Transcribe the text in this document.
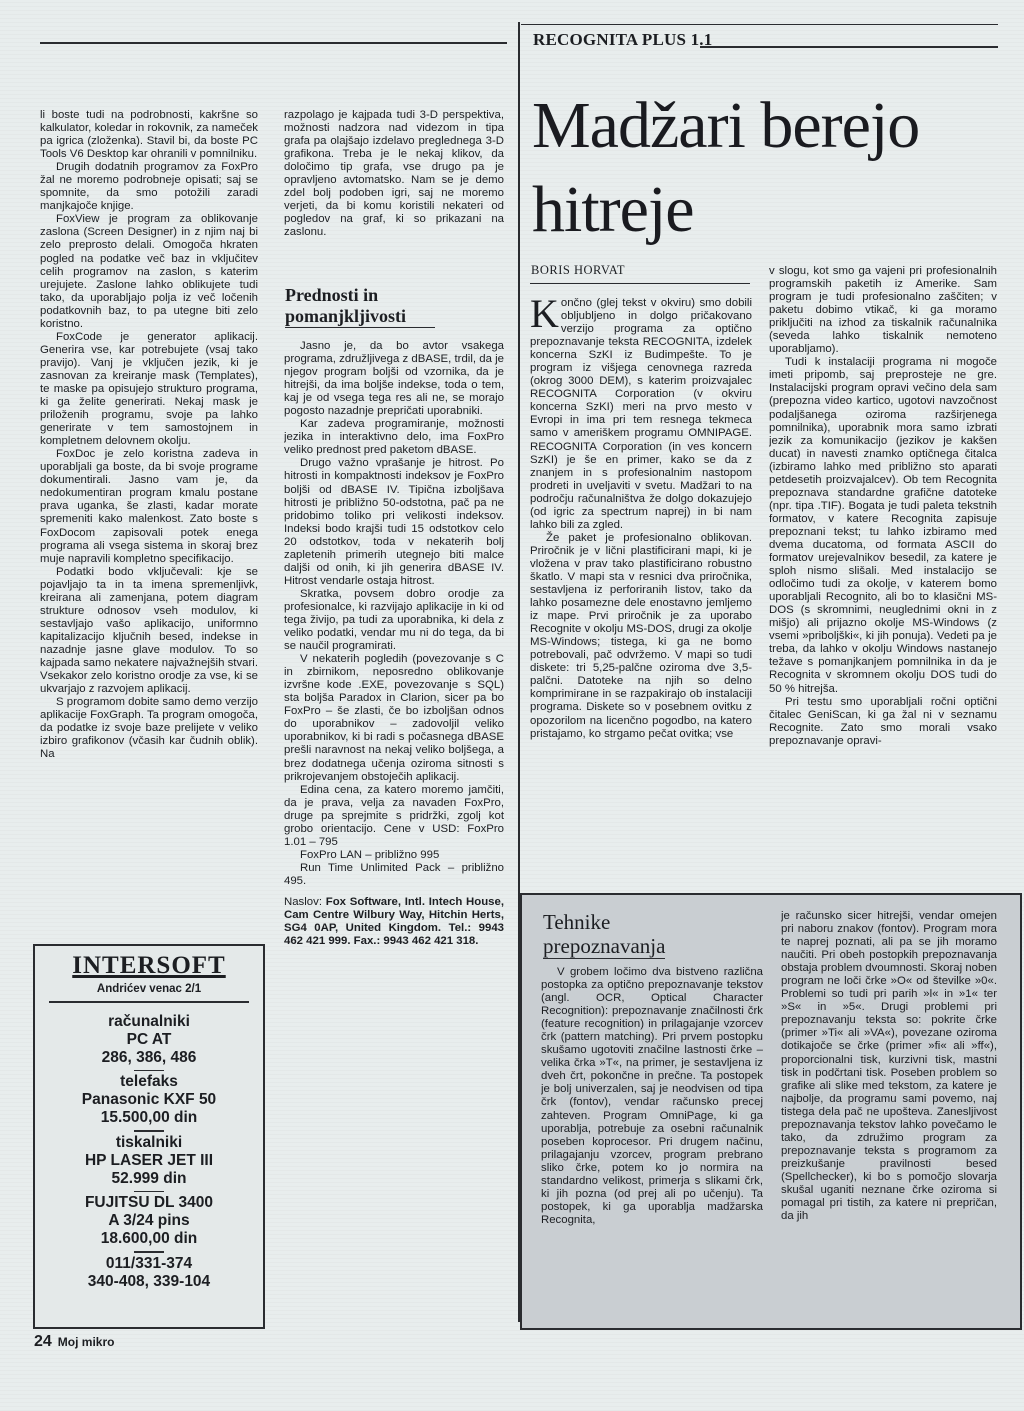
RECOGNITA PLUS 1.1
Madžari berejo
hitreje
BORIS HORVAT

li boste tudi na podrobnosti, kakršne so kalkulator, koledar in rokovnik, za nameček pa igrica (zloženka). Stavil bi, da boste PC Tools V6 Desktop kar ohranili v pomnilniku.

Drugih dodatnih programov za FoxPro žal ne moremo podrobneje opisati; saj se spomnite, da smo potožili zaradi manjkajoče knjige.

FoxView je program za oblikovanje zaslona (Screen Designer) in z njim naj bi zelo preprosto delali. Omogoča hkraten pogled na podatke več baz in vključitev celih programov na zaslon, s katerim urejujete. Zaslone lahko oblikujete tudi tako, da uporabljajo polja iz več ločenih podatkovnih baz, to pa utegne biti zelo koristno.

FoxCode je generator aplikacij. Generira vse, kar potrebujete (vsaj tako pravijo). Vanj je vključen jezik, ki je zasnovan za kreiranje mask (Templates), te maske pa opisujejo strukturo programa, ki ga želite generirati. Nekaj mask je priloženih programu, svoje pa lahko generirate v tem samostojnem in kompletnem delovnem okolju.

FoxDoc je zelo koristna zadeva in uporabljali ga boste, da bi svoje programe dokumentirali. Jasno vam je, da nedokumentiran program kmalu postane prava uganka, še zlasti, kadar morate spremeniti kako malenkost. Zato boste s FoxDocom zapisovali potek enega programa ali vsega sistema in skoraj brez muje napravili kompletno specifikacijo.

Podatki bodo vključevali: kje se pojavljajo ta in ta imena spremenljivk, kreirana ali zamenjana, potem diagram strukture odnosov vseh modulov, ki sestavljajo vašo aplikacijo, uniformno kapitalizacijo ključnih besed, indekse in nazadnje jasne glave modulov. To so kajpada samo nekatere najvažnejših stvari. Vsekakor zelo koristno orodje za vse, ki se ukvarjajo z razvojem aplikacij.

S programom dobite samo demo verzijo aplikacije FoxGraph. Ta program omogoča, da podatke iz svoje baze prelijete v veliko izbiro grafikonov (včasih kar čudnih oblik). Na

razpolago je kajpada tudi 3-D perspektiva, možnosti nadzora nad videzom in tipa grafa pa olajšajo izdelavo preglednega 3-D grafikona. Treba je le nekaj klikov, da določimo tip grafa, vse drugo pa je opravljeno avtomatsko. Nam se je demo zdel bolj podoben igri, saj ne moremo verjeti, da bi komu koristili nekateri od pogledov na graf, ki so prikazani na zaslonu.

Prednosti in pomanjkljivosti

Jasno je, da bo avtor vsakega programa, združljivega z dBASE, trdil, da je njegov program boljši od vzornika, da je hitrejši, da ima boljše indekse, toda o tem, kaj je od vsega tega res ali ne, se morajo pogosto nazadnje prepričati uporabniki.

Kar zadeva programiranje, možnosti jezika in interaktivno delo, ima FoxPro veliko prednost pred paketom dBASE.

Drugo važno vprašanje je hitrost. Po hitrosti in kompaktnosti indeksov je FoxPro boljši od dBASE IV. Tipična izboljšava hitrosti je približno 50-odstotna, pač pa ne pridobimo toliko pri velikosti indeksov. Indeksi bodo krajši tudi 15 odstotkov celo 20 odstotkov, toda v nekaterih bolj zapletenih primerih utegnejo biti malce daljši od onih, ki jih generira dBASE IV. Hitrost vendarle ostaja hitrost.

Skratka, povsem dobro orodje za profesionalce, ki razvijajo aplikacije in ki od tega živijo, pa tudi za uporabnika, ki dela z veliko podatki, vendar mu ni do tega, da bi se naučil programirati.

V nekaterih pogledih (povezovanje s C in zbirnikom, neposredno oblikovanje izvršne kode .EXE, povezovanje s SQL) sta boljša Paradox in Clarion, sicer pa bo FoxPro – še zlasti, če bo izboljšan odnos do uporabnikov – zadovoljil veliko uporabnikov, ki bi radi s počasnega dBASE prešli naravnost na nekaj veliko boljšega, a brez dodatnega učenja oziroma sitnosti s prikrojevanjem obstoječih aplikacij.

Edina cena, za katero moremo jamčiti, da je prava, velja za navaden FoxPro, druge pa sprejmite s pridržki, zgolj kot grobo orientacijo. Cene v USD: FoxPro 1.01 – 795

FoxPro LAN – približno 995

Run Time Unlimited Pack – približno 495.

Naslov: Fox Software, Intl. Intech House, Cam Centre Wilbury Way, Hitchin Herts, SG4 0AP, United Kingdom. Tel.: 9943 462 421 999. Fax.: 9943 462 421 318.

Končno (glej tekst v okviru) smo dobili obljubljeno in dolgo pričakovano verzijo programa za optično prepoznavanje teksta RECOGNITA, izdelek koncerna SzKI iz Budimpešte. To je program iz višjega cenovnega razreda (okrog 3000 DEM), s katerim proizvajalec RECOGNITA Corporation (v okviru koncerna SzKI) meri na prvo mesto v Evropi in ima pri tem resnega tekmeca samo v ameriškem programu OMNIPAGE. RECOGNITA Corporation (in ves koncern SzKI) je še en primer, kako se da z znanjem in s profesionalnim nastopom prodreti in uveljaviti v svetu. Madžari to na področju računalništva že dolgo dokazujejo (od igric za spectrum naprej) in bi nam lahko bili za zgled.

Že paket je profesionalno oblikovan. Priročnik je v lični plastificirani mapi, ki je vložena v prav tako plastificirano robustno škatlo. V mapi sta v resnici dva priročnika, sestavljena iz perforiranih listov, tako da lahko posamezne dele enostavno jemljemo iz mape. Prvi priročnik je za uporabo Recognite v okolju MS-DOS, drugi za okolje MS-Windows; tistega, ki ga ne bomo potrebovali, pač odvržemo. V mapi so tudi diskete: tri 5,25-palčne oziroma dve 3,5-palčni. Datoteke na njih so delno komprimirane in se razpakirajo ob instalaciji programa. Diskete so v posebnem ovitku z opozorilom na licenčno pogodbo, na katero pristajamo, ko strgamo pečat ovitka; vse

v slogu, kot smo ga vajeni pri profesionalnih programskih paketih iz Amerike. Sam program je tudi profesionalno zaščiten; v paketu dobimo vtikač, ki ga moramo priključiti na izhod za tiskalnik računalnika (seveda lahko tiskalnik nemoteno uporabljamo).

Tudi k instalaciji programa ni mogoče imeti pripomb, saj preprosteje ne gre. Instalacijski program opravi večino dela sam (prepozna video kartico, ugotovi navzočnost podaljšanega oziroma razširjenega pomnilnika), uporabnik mora samo izbrati jezik za komunikacijo (jezikov je kakšen ducat) in navesti znamko optičnega čitalca (izbiramo lahko med približno sto aparati petdesetih proizvajalcev). Ob tem Recognita prepoznava standardne grafične datoteke (npr. tipa .TIF). Bogata je tudi paleta tekstnih formatov, v katere Recognita zapisuje prepoznani tekst; tu lahko izbiramo med dvema ducatoma, od formata ASCII do formatov urejevalnikov besedil, za katere je sploh nismo slišali. Med instalacijo se odločimo tudi za okolje, v katerem bomo uporabljali Recognito, ali bo to klasični MS-DOS (s skromnimi, neuglednimi okni in z mišjo) ali prijazno okolje MS-Windows (z vsemi »priboljški«, ki jih ponuja). Vedeti pa je treba, da lahko v okolju Windows nastanejo težave s pomanjkanjem pomnilnika in da je Recognita v skromnem okolju DOS tudi do 50 % hitrejša.

Pri testu smo uporabljali ročni optični čitalec GeniScan, ki ga žal ni v seznamu Recognite. Zato smo morali vsako prepoznavanje opravi-

Tehnike
prepoznavanja

V grobem ločimo dva bistveno različna postopka za optično prepoznavanje tekstov (angl. OCR, Optical Character Recognition): prepoznavanje značilnosti črk (feature recognition) in prilagajanje vzorcev črk (pattern matching). Pri prvem postopku skušamo ugotoviti značilne lastnosti črke – velika črka »T«, na primer, je sestavljena iz dveh črt, pokončne in prečne. Ta postopek je bolj univerzalen, saj je neodvisen od tipa črk (fontov), vendar računsko precej zahteven. Program OmniPage, ki ga uporablja, potrebuje za osebni računalnik poseben koprocesor. Pri drugem načinu, prilagajanju vzorcev, program prebrano sliko črke, potem ko jo normira na standardno velikost, primerja s slikami črk, ki jih pozna (od prej ali po učenju). Ta postopek, ki ga uporablja madžarska Recognita,

je računsko sicer hitrejši, vendar omejen pri naboru znakov (fontov). Program mora te naprej poznati, ali pa se jih moramo naučiti. Pri obeh postopkih prepoznavanja obstaja problem dvoumnosti. Skoraj noben program ne loči črke »O« od številke »0«. Problemi so tudi pri parih »l« in »1« ter »S« in »5«. Drugi problemi pri prepoznavanju teksta so: pokrite črke (primer »Ti« ali »VA«), povezane oziroma dotikajoče se črke (primer »fi« ali »ff«), proporcionalni tisk, kurzivni tisk, mastni tisk in podčrtani tisk. Poseben problem so grafike ali slike med tekstom, za katere je najbolje, da programu sami povemo, naj tistega dela pač ne upošteva. Zanesljivost prepoznavanja tekstov lahko povečamo le tako, da združimo program za prepoznavanje teksta s programom za preizkušanje pravilnosti besed (Spellchecker), ki bo s pomočjo slovarja skušal uganiti neznane črke oziroma si pomagal pri tistih, za katere ni prepričan, da jih

INTERSOFT
Andrićev venac 2/1
računalniki
PC AT
286, 386, 486
telefaks
Panasonic KXF 50
15.500,00 din
tiskalniki
HP LASER JET III
52.999 din
FUJITSU DL 3400
A 3/24 pins
18.600,00 din
011/331-374
340-408, 339-104
24 Moj mikro
